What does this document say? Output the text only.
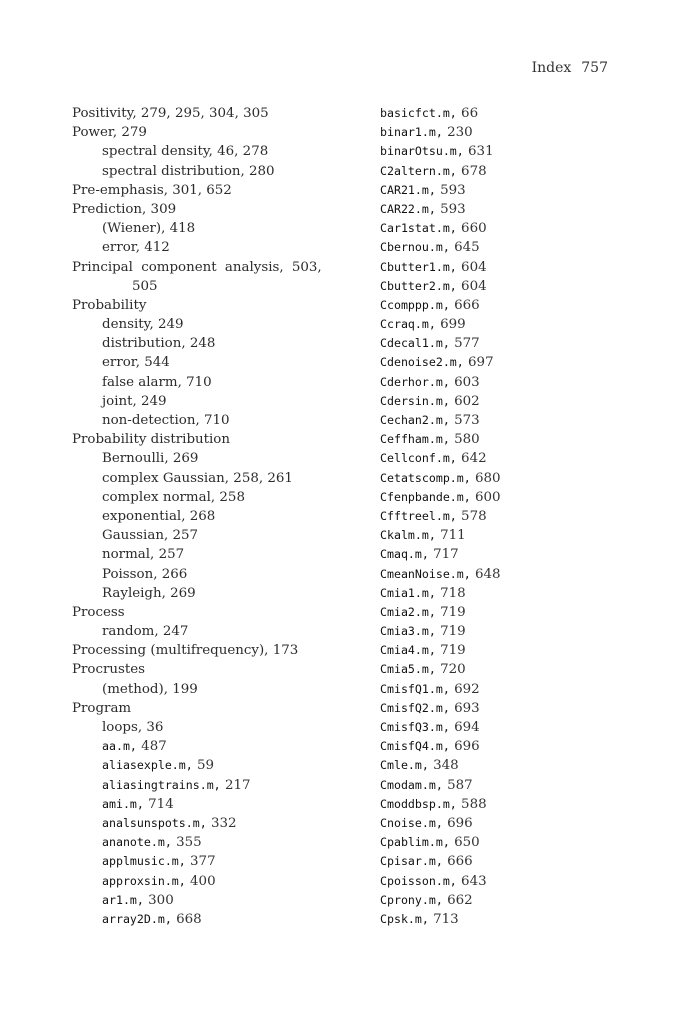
Index 757
Positivity, 279, 295, 304, 305
Power, 279
spectral density, 46, 278
spectral distribution, 280
Pre-emphasis, 301, 652
Prediction, 309
(Wiener), 418
error, 412
Principal component analysis, 503,
505
Probability
density, 249
distribution, 248
error, 544
false alarm, 710
joint, 249
non-detection, 710
Probability distribution
Bernoulli, 269
complex Gaussian, 258, 261
complex normal, 258
exponential, 268
Gaussian, 257
normal, 257
Poisson, 266
Rayleigh, 269
Process
random, 247
Processing (multifrequency), 173
Procrustes
(method), 199
Program
loops, 36
aa.m, 487
aliasexple.m, 59
aliasingtrains.m, 217
ami.m, 714
analsunspots.m, 332
ananote.m, 355
applmusic.m, 377
approxsin.m, 400
ar1.m, 300
array2D.m, 668
basicfct.m, 66
binar1.m, 230
binarOtsu.m, 631
C2altern.m, 678
CAR21.m, 593
CAR22.m, 593
Car1stat.m, 660
Cbernou.m, 645
Cbutter1.m, 604
Cbutter2.m, 604
Ccomppp.m, 666
Ccraq.m, 699
Cdecal1.m, 577
Cdenoise2.m, 697
Cderhor.m, 603
Cdersin.m, 602
Cechan2.m, 573
Ceffham.m, 580
Cellconf.m, 642
Cetatscomp.m, 680
Cfenpbande.m, 600
Cfftreel.m, 578
Ckalm.m, 711
Cmaq.m, 717
CmeanNoise.m, 648
Cmia1.m, 718
Cmia2.m, 719
Cmia3.m, 719
Cmia4.m, 719
Cmia5.m, 720
CmisfQ1.m, 692
CmisfQ2.m, 693
CmisfQ3.m, 694
CmisfQ4.m, 696
Cmle.m, 348
Cmodam.m, 587
Cmoddbsp.m, 588
Cnoise.m, 696
Cpablim.m, 650
Cpisar.m, 666
Cpoisson.m, 643
Cprony.m, 662
Cpsk.m, 713
